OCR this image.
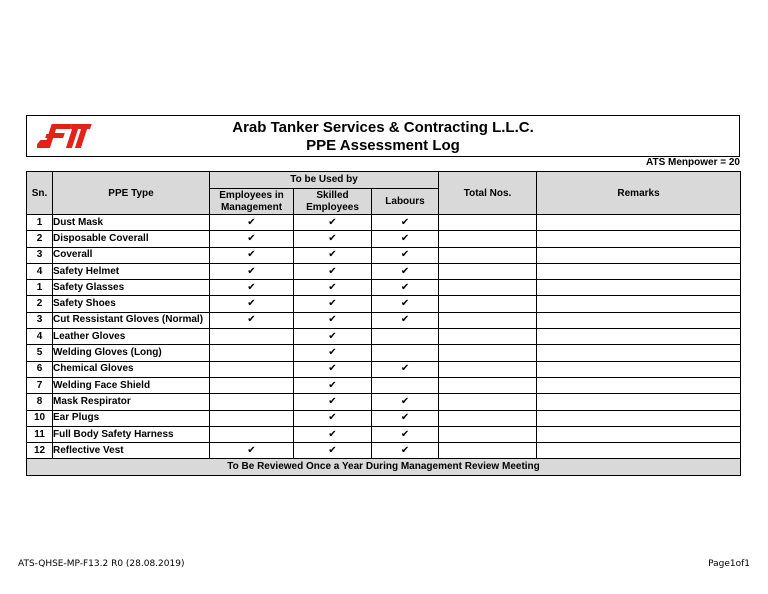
Arab Tanker Services & Contracting L.L.C.
PPE Assessment Log
ATS Menpower = 20
Sn.	PPE Type	To be Used by			Total Nos.	Remarks
		Employees in Management	Skilled Employees	Labours		
1	Dust Mask	✔	✔	✔		
2	Disposable Coverall	✔	✔	✔		
3	Coverall	✔	✔	✔		
4	Safety Helmet	✔	✔	✔		
1	Safety Glasses	✔	✔	✔		
2	Safety Shoes	✔	✔	✔		
3	Cut Ressistant Gloves (Normal)	✔	✔	✔		
4	Leather Gloves		✔			
5	Welding Gloves (Long)		✔			
6	Chemical Gloves		✔	✔		
7	Welding Face Shield		✔			
8	Mask Respirator		✔	✔		
10	Ear Plugs		✔	✔		
11	Full Body Safety Harness		✔	✔		
12	Reflective Vest	✔	✔	✔		
To Be Reviewed Once a Year During Management Review Meeting						
ATS-QHSE-MP-F13.2 R0 (28.08.2019)	Page1of1
